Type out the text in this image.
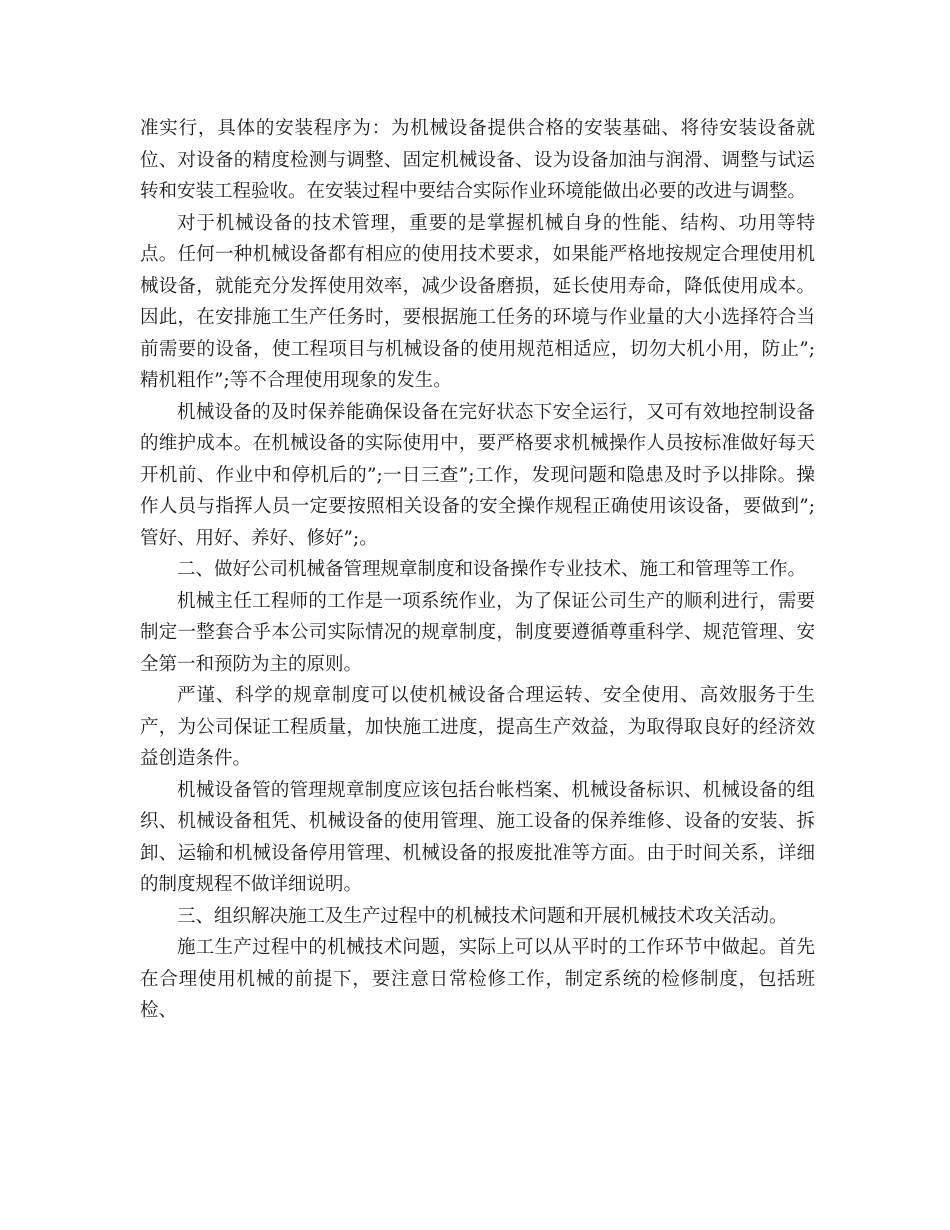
准实行，具体的安装程序为：为机械设备提供合格的安装基础、将待安装设备就位、对设备的精度检测与调整、固定机械设备、设为设备加油与润滑、调整与试运转和安装工程验收。在安装过程中要结合实际作业环境能做出必要的改进与调整。

对于机械设备的技术管理，重要的是掌握机械自身的性能、结构、功用等特点。任何一种机械设备都有相应的使用技术要求，如果能严格地按规定合理使用机械设备，就能充分发挥使用效率，减少设备磨损，延长使用寿命，降低使用成本。因此，在安排施工生产任务时，要根据施工任务的环境与作业量的大小选择符合当前需要的设备，使工程项目与机械设备的使用规范相适应，切勿大机小用，防止”;精机粗作”;等不合理使用现象的发生。

机械设备的及时保养能确保设备在完好状态下安全运行，又可有效地控制设备的维护成本。在机械设备的实际使用中，要严格要求机械操作人员按标准做好每天开机前、作业中和停机后的”;一日三查”;工作，发现问题和隐患及时予以排除。操作人员与指挥人员一定要按照相关设备的安全操作规程正确使用该设备，要做到”;管好、用好、养好、修好”;。

二、做好公司机械备管理规章制度和设备操作专业技术、施工和管理等工作。

机械主任工程师的工作是一项系统作业，为了保证公司生产的顺利进行，需要制定一整套合乎本公司实际情况的规章制度，制度要遵循尊重科学、规范管理、安全第一和预防为主的原则。

严谨、科学的规章制度可以使机械设备合理运转、安全使用、高效服务于生产，为公司保证工程质量，加快施工进度，提高生产效益，为取得取良好的经济效益创造条件。

机械设备管的管理规章制度应该包括台帐档案、机械设备标识、机械设备的组织、机械设备租凭、机械设备的使用管理、施工设备的保养维修、设备的安装、拆卸、运输和机械设备停用管理、机械设备的报废批准等方面。由于时间关系，详细的制度规程不做详细说明。

三、组织解决施工及生产过程中的机械技术问题和开展机械技术攻关活动。

施工生产过程中的机械技术问题，实际上可以从平时的工作环节中做起。首先在合理使用机械的前提下，要注意日常检修工作，制定系统的检修制度，包括班检、
